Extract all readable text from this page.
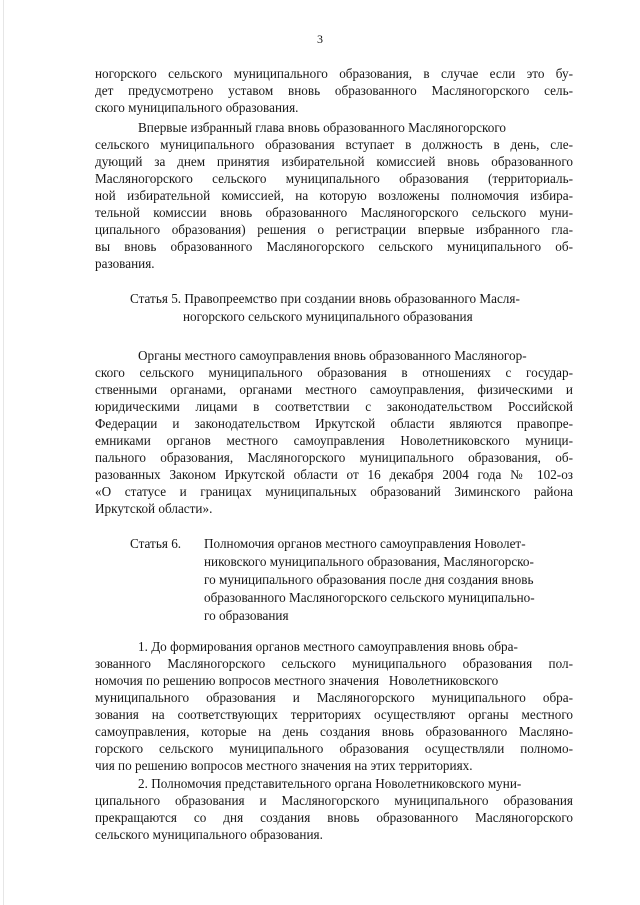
3
ногорского сельского муниципального образования, в случае если это бу-
дет предусмотрено уставом вновь образованного Масляногорского сель-
ского муниципального образования.
Впервые избранный глава вновь образованного Масляногорского
сельского муниципального образования вступает в должность в день, сле-
дующий за днем принятия избирательной комиссией вновь образованного
Масляногорского сельского муниципального образования (территориаль-
ной избирательной комиссией, на которую возложены полномочия избира-
тельной комиссии вновь образованного Масляногорского сельского муни-
ципального образования) решения о регистрации впервые избранного гла-
вы вновь образованного Масляногорского сельского муниципального об-
разования.
Статья 5. Правопреемство при создании вновь образованного Масля-
ногорского сельского муниципального образования
Органы местного самоуправления вновь образованного Масляногор-
ского сельского муниципального образования в отношениях с государ-
ственными органами, органами местного самоуправления, физическими и
юридическими лицами в соответствии с законодательством Российской
Федерации и законодательством Иркутской области являются правопре-
емниками органов местного самоуправления Новолетниковского муници-
пального образования, Масляногорского муниципального образования, об-
разованных Законом Иркутской области от 16 декабря 2004 года № 102-оз
«О статусе и границах муниципальных образований Зиминского района
Иркутской области».
Статья 6. Полномочия органов местного самоуправления Новолет-
никовского муниципального образования, Масляногорско-
го муниципального образования после дня создания вновь
образованного Масляногорского сельского муниципально-
го образования
1. До формирования органов местного самоуправления вновь обра-
зованного Масляногорского сельского муниципального образования пол-
номочия по решению вопросов местного значения   Новолетниковского
муниципального образования и Масляногорского муниципального обра-
зования на соответствующих территориях осуществляют органы местного
самоуправления, которые на день создания вновь образованного Масляно-
горского сельского муниципального образования осуществляли полномо-
чия по решению вопросов местного значения на этих территориях.
2. Полномочия представительного органа Новолетниковского муни-
ципального образования и Масляногорского муниципального образования
прекращаются со дня создания вновь образованного Масляногорского
сельского муниципального образования.
